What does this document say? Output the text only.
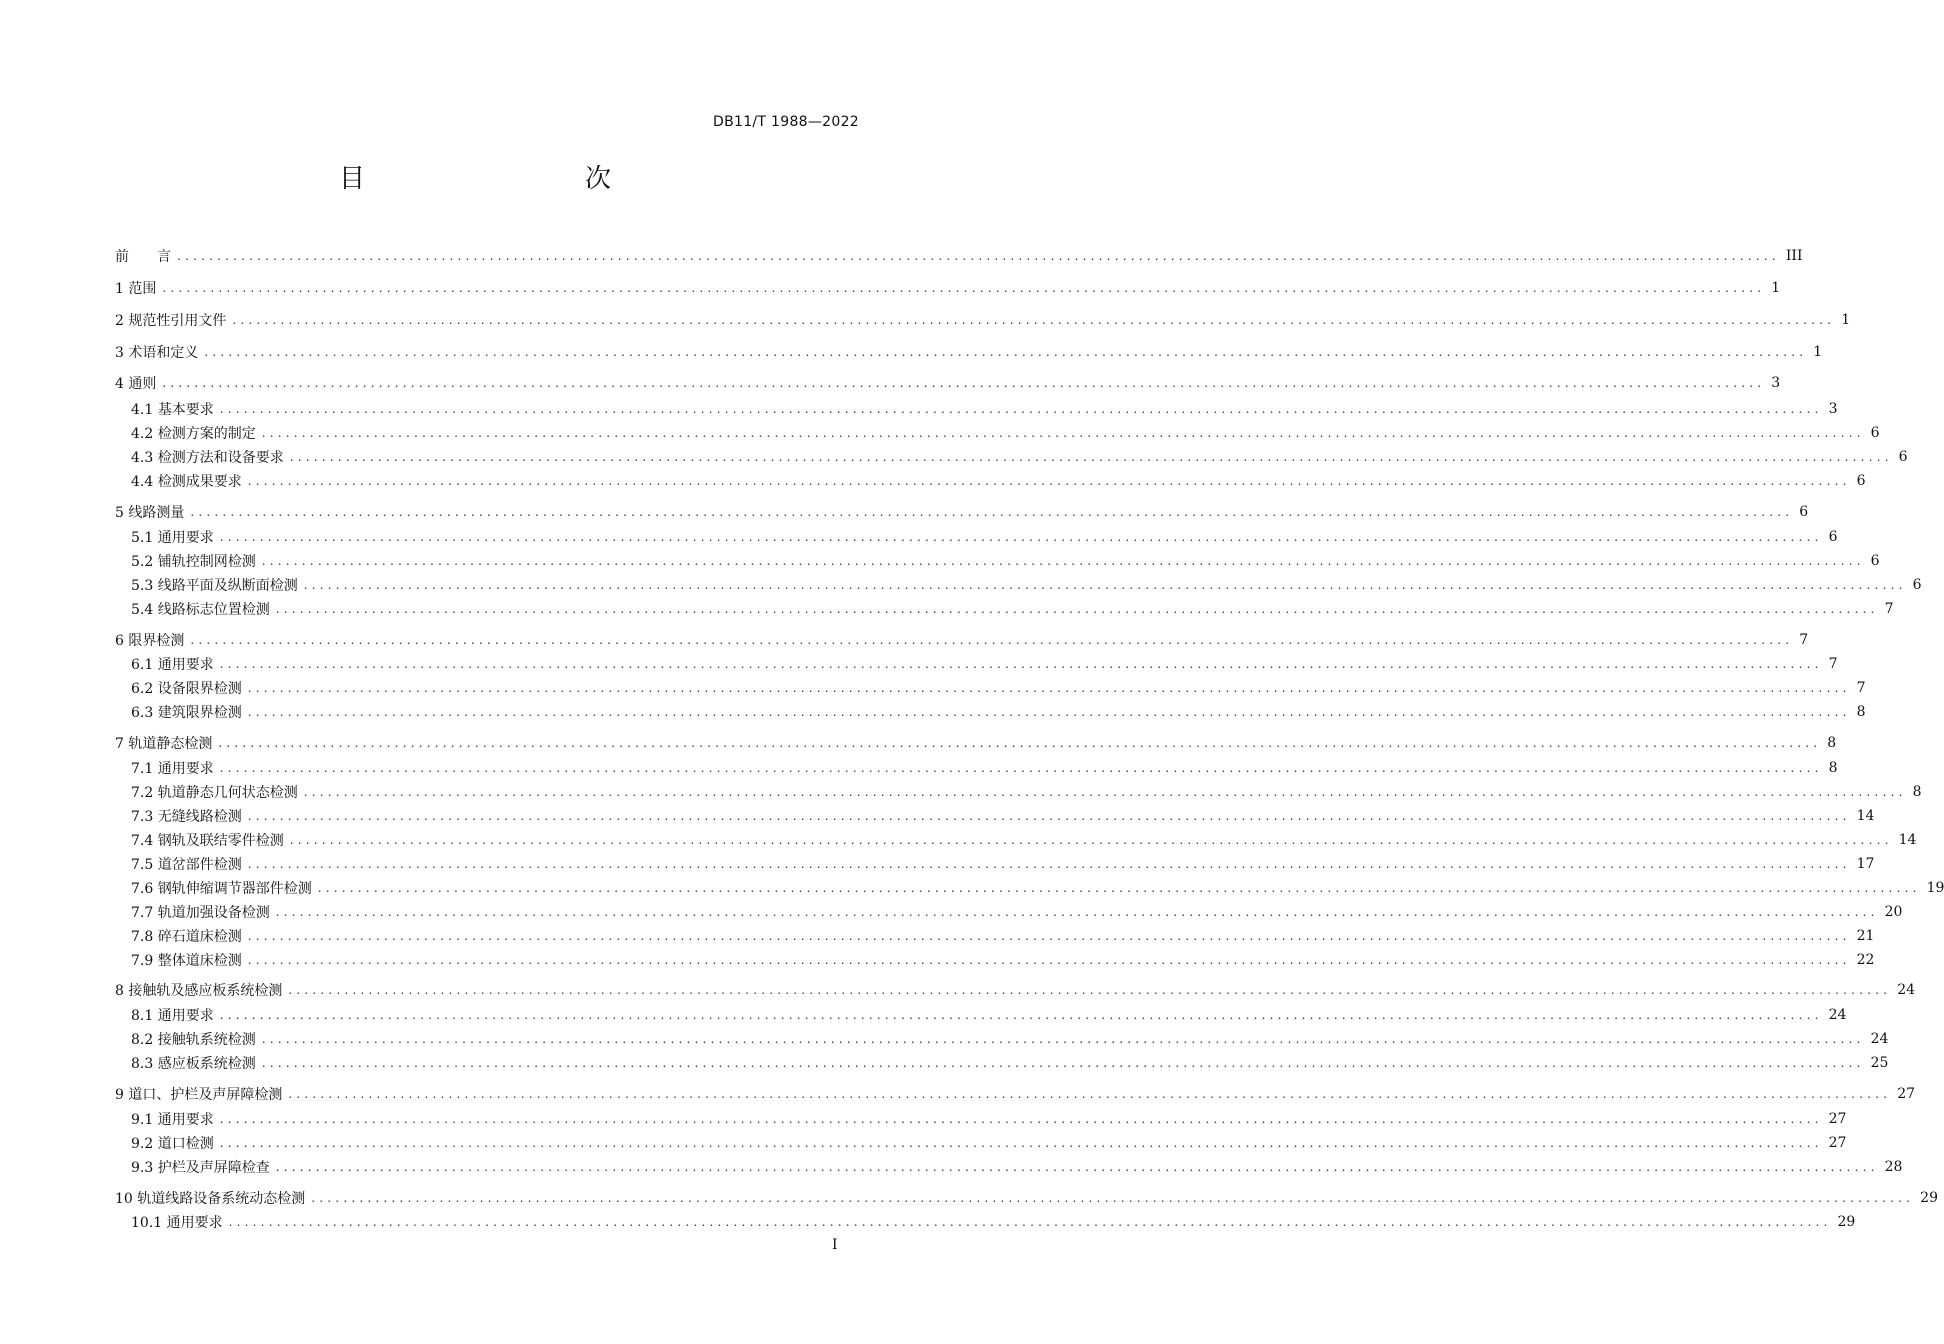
DB11/T 1988—2022
目　　次
前　　言 ........................................................................................................................................................................................................ III
1 范围 ........................................................................................................................................................................................................ 1
2 规范性引用文件 ........................................................................................................................................................................................................ 1
3 术语和定义 ........................................................................................................................................................................................................ 1
4 通则 ........................................................................................................................................................................................................ 3
4.1 基本要求 ........................................................................................................................................................................................................ 3
4.2 检测方案的制定 ........................................................................................................................................................................................................ 6
4.3 检测方法和设备要求 ........................................................................................................................................................................................................ 6
4.4 检测成果要求 ........................................................................................................................................................................................................ 6
5 线路测量 ........................................................................................................................................................................................................ 6
5.1 通用要求 ........................................................................................................................................................................................................ 6
5.2 铺轨控制网检测 ........................................................................................................................................................................................................ 6
5.3 线路平面及纵断面检测 ........................................................................................................................................................................................................ 6
5.4 线路标志位置检测 ........................................................................................................................................................................................................ 7
6 限界检测 ........................................................................................................................................................................................................ 7
6.1 通用要求 ........................................................................................................................................................................................................ 7
6.2 设备限界检测 ........................................................................................................................................................................................................ 7
6.3 建筑限界检测 ........................................................................................................................................................................................................ 8
7 轨道静态检测 ........................................................................................................................................................................................................ 8
7.1 通用要求 ........................................................................................................................................................................................................ 8
7.2 轨道静态几何状态检测 ........................................................................................................................................................................................................ 8
7.3 无缝线路检测 ........................................................................................................................................................................................................ 14
7.4 钢轨及联结零件检测 ........................................................................................................................................................................................................ 14
7.5 道岔部件检测 ........................................................................................................................................................................................................ 17
7.6 钢轨伸缩调节器部件检测 ........................................................................................................................................................................................................ 19
7.7 轨道加强设备检测 ........................................................................................................................................................................................................ 20
7.8 碎石道床检测 ........................................................................................................................................................................................................ 21
7.9 整体道床检测 ........................................................................................................................................................................................................ 22
8 接触轨及感应板系统检测 ........................................................................................................................................................................................................ 24
8.1 通用要求 ........................................................................................................................................................................................................ 24
8.2 接触轨系统检测 ........................................................................................................................................................................................................ 24
8.3 感应板系统检测 ........................................................................................................................................................................................................ 25
9 道口、护栏及声屏障检测 ........................................................................................................................................................................................................ 27
9.1 通用要求 ........................................................................................................................................................................................................ 27
9.2 道口检测 ........................................................................................................................................................................................................ 27
9.3 护栏及声屏障检查 ........................................................................................................................................................................................................ 28
10 轨道线路设备系统动态检测 ........................................................................................................................................................................................................ 29
10.1 通用要求 ........................................................................................................................................................................................................ 29
I
